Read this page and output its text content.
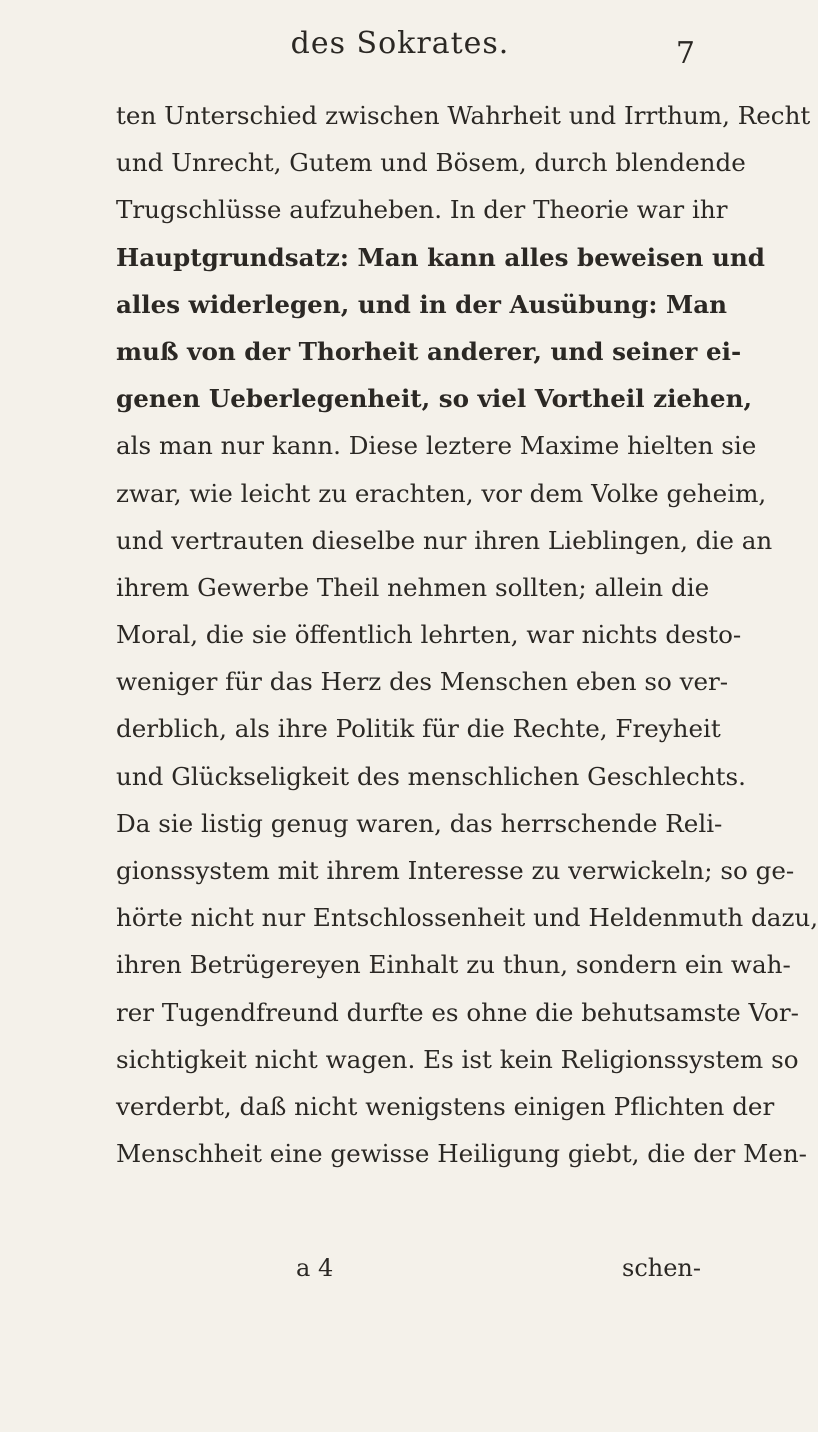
des Sokrates.	7
ten Unterschied zwischen Wahrheit und Irrthum, Recht
und Unrecht, Gutem und Bösem, durch blendende
Trugschlüsse aufzuheben. In der Theorie war ihr
Hauptgrundsatz: Man kann alles beweisen und
alles widerlegen, und in der Ausübung: Man
muß von der Thorheit anderer, und seiner ei-
genen Ueberlegenheit, so viel Vortheil ziehen,
als man nur kann. Diese leztere Maxime hielten sie
zwar, wie leicht zu erachten, vor dem Volke geheim,
und vertrauten dieselbe nur ihren Lieblingen, die an
ihrem Gewerbe Theil nehmen sollten; allein die
Moral, die sie öffentlich lehrten, war nichts desto-
weniger für das Herz des Menschen eben so ver-
derblich, als ihre Politik für die Rechte, Freyheit
und Glückseligkeit des menschlichen Geschlechts.
Da sie listig genug waren, das herrschende Reli-
gionssystem mit ihrem Interesse zu verwickeln; so ge-
hörte nicht nur Entschlossenheit und Heldenmuth dazu,
ihren Betrügereyen Einhalt zu thun, sondern ein wah-
rer Tugendfreund durfte es ohne die behutsamste Vor-
sichtigkeit nicht wagen. Es ist kein Religionssystem so
verderbt, daß nicht wenigstens einigen Pflichten der
Menschheit eine gewisse Heiligung giebt, die der Men-
a 4	schen-
